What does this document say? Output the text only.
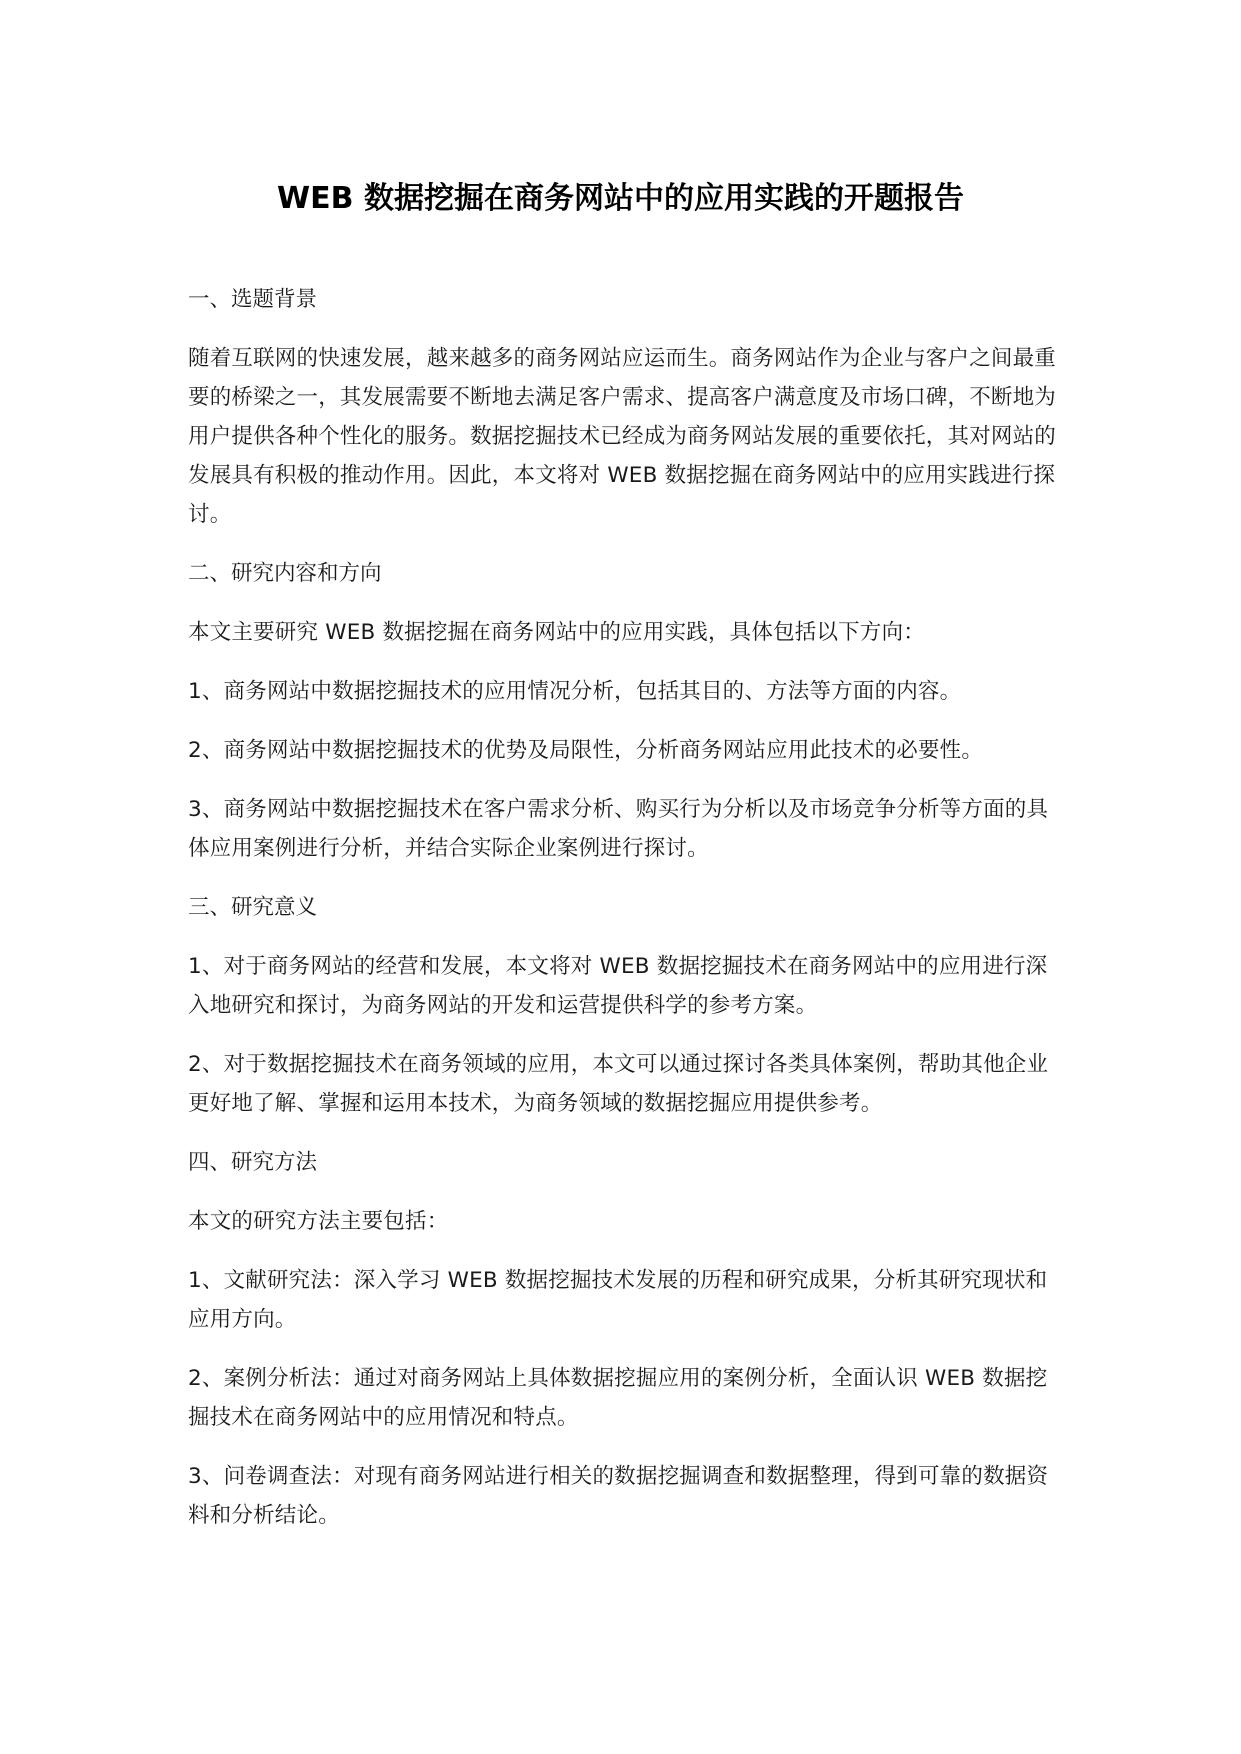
WEB 数据挖掘在商务网站中的应用实践的开题报告

一、选题背景

随着互联网的快速发展，越来越多的商务网站应运而生。商务网站作为企业与客户之间最重要的桥梁之一，其发展需要不断地去满足客户需求、提高客户满意度及市场口碑，不断地为用户提供各种个性化的服务。数据挖掘技术已经成为商务网站发展的重要依托，其对网站的发展具有积极的推动作用。因此，本文将对 WEB 数据挖掘在商务网站中的应用实践进行探讨。

二、研究内容和方向

本文主要研究 WEB 数据挖掘在商务网站中的应用实践，具体包括以下方向：

1、商务网站中数据挖掘技术的应用情况分析，包括其目的、方法等方面的内容。

2、商务网站中数据挖掘技术的优势及局限性，分析商务网站应用此技术的必要性。

3、商务网站中数据挖掘技术在客户需求分析、购买行为分析以及市场竞争分析等方面的具体应用案例进行分析，并结合实际企业案例进行探讨。

三、研究意义

1、对于商务网站的经营和发展，本文将对 WEB 数据挖掘技术在商务网站中的应用进行深入地研究和探讨，为商务网站的开发和运营提供科学的参考方案。

2、对于数据挖掘技术在商务领域的应用，本文可以通过探讨各类具体案例，帮助其他企业更好地了解、掌握和运用本技术，为商务领域的数据挖掘应用提供参考。

四、研究方法

本文的研究方法主要包括：

1、文献研究法：深入学习 WEB 数据挖掘技术发展的历程和研究成果，分析其研究现状和应用方向。

2、案例分析法：通过对商务网站上具体数据挖掘应用的案例分析，全面认识 WEB 数据挖掘技术在商务网站中的应用情况和特点。

3、问卷调查法：对现有商务网站进行相关的数据挖掘调查和数据整理，得到可靠的数据资料和分析结论。
